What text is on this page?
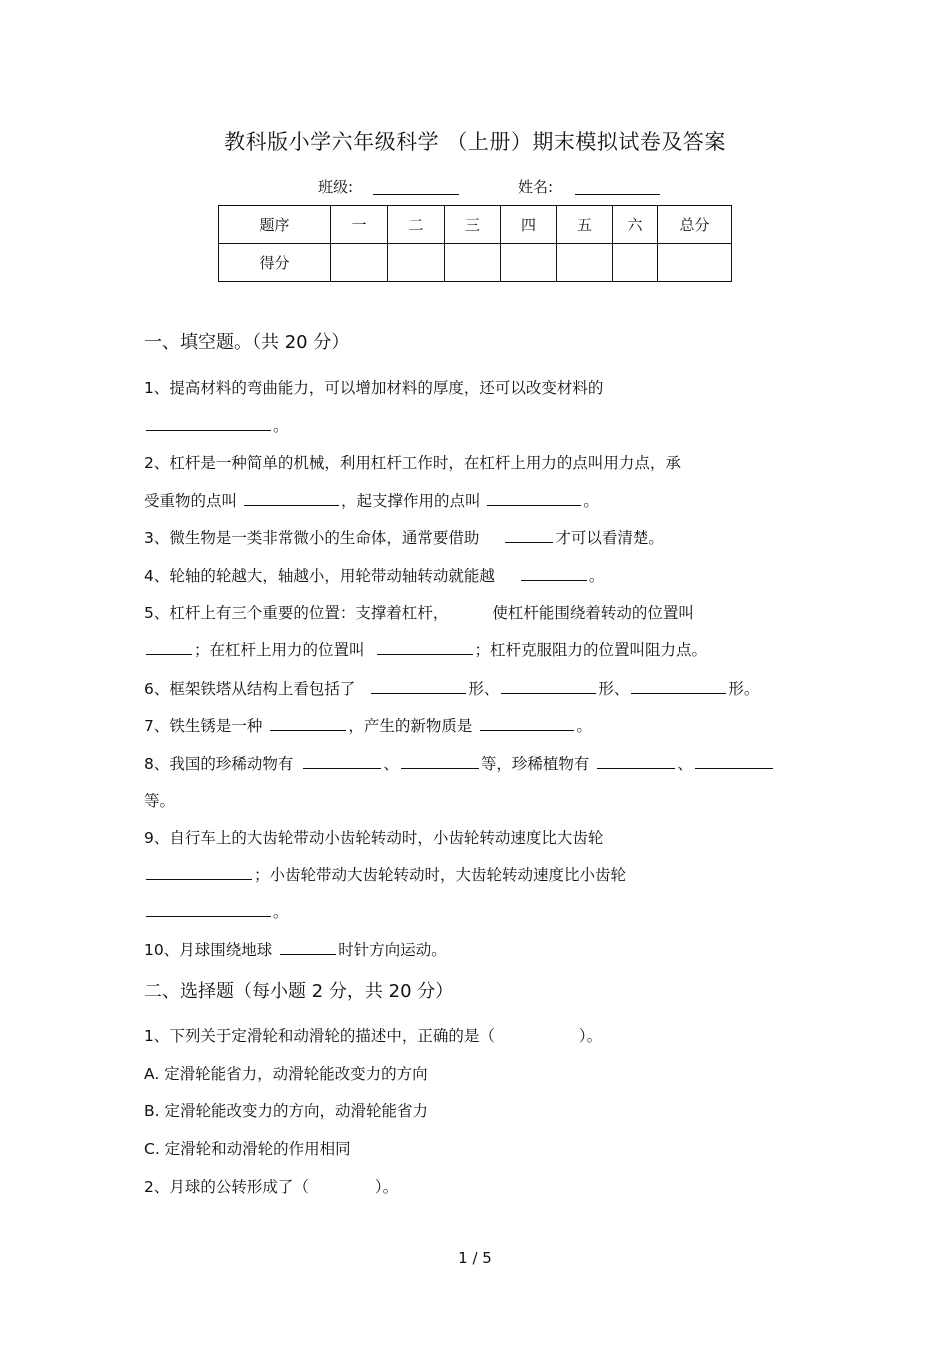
教科版小学六年级科学 （上册）期末模拟试卷及答案
班级:	姓名:
题序	一	二	三	四	五	六	总分
得分							
一、填空题。（共 20 分）
1、提高材料的弯曲能力，可以增加材料的厚度，还可以改变材料的
。
2、杠杆是一种简单的机械，利用杠杆工作时，在杠杆上用力的点叫用力点，承
受重物的点叫	，起支撑作用的点叫	。
3、微生物是一类非常微小的生命体，通常要借助	才可以看清楚。
4、轮轴的轮越大，轴越小，用轮带动轴转动就能越	。
5、杠杆上有三个重要的位置：支撑着杠杆，	使杠杆能围绕着转动的位置叫
；在杠杆上用力的位置叫	；杠杆克服阻力的位置叫阻力点。
6、框架铁塔从结构上看包括了	形、	形、	形。
7、铁生锈是一种	，产生的新物质是	。
8、我国的珍稀动物有	、	等，珍稀植物有	、
等。
9、自行车上的大齿轮带动小齿轮转动时，小齿轮转动速度比大齿轮
；小齿轮带动大齿轮转动时，大齿轮转动速度比小齿轮
。
10、月球围绕地球	时针方向运动。
二、选择题（每小题 2 分，共 20 分）
1、下列关于定滑轮和动滑轮的描述中，正确的是（	）。
A. 定滑轮能省力，动滑轮能改变力的方向
B. 定滑轮能改变力的方向，动滑轮能省力
C. 定滑轮和动滑轮的作用相同
2、月球的公转形成了（	）。
1 / 5
